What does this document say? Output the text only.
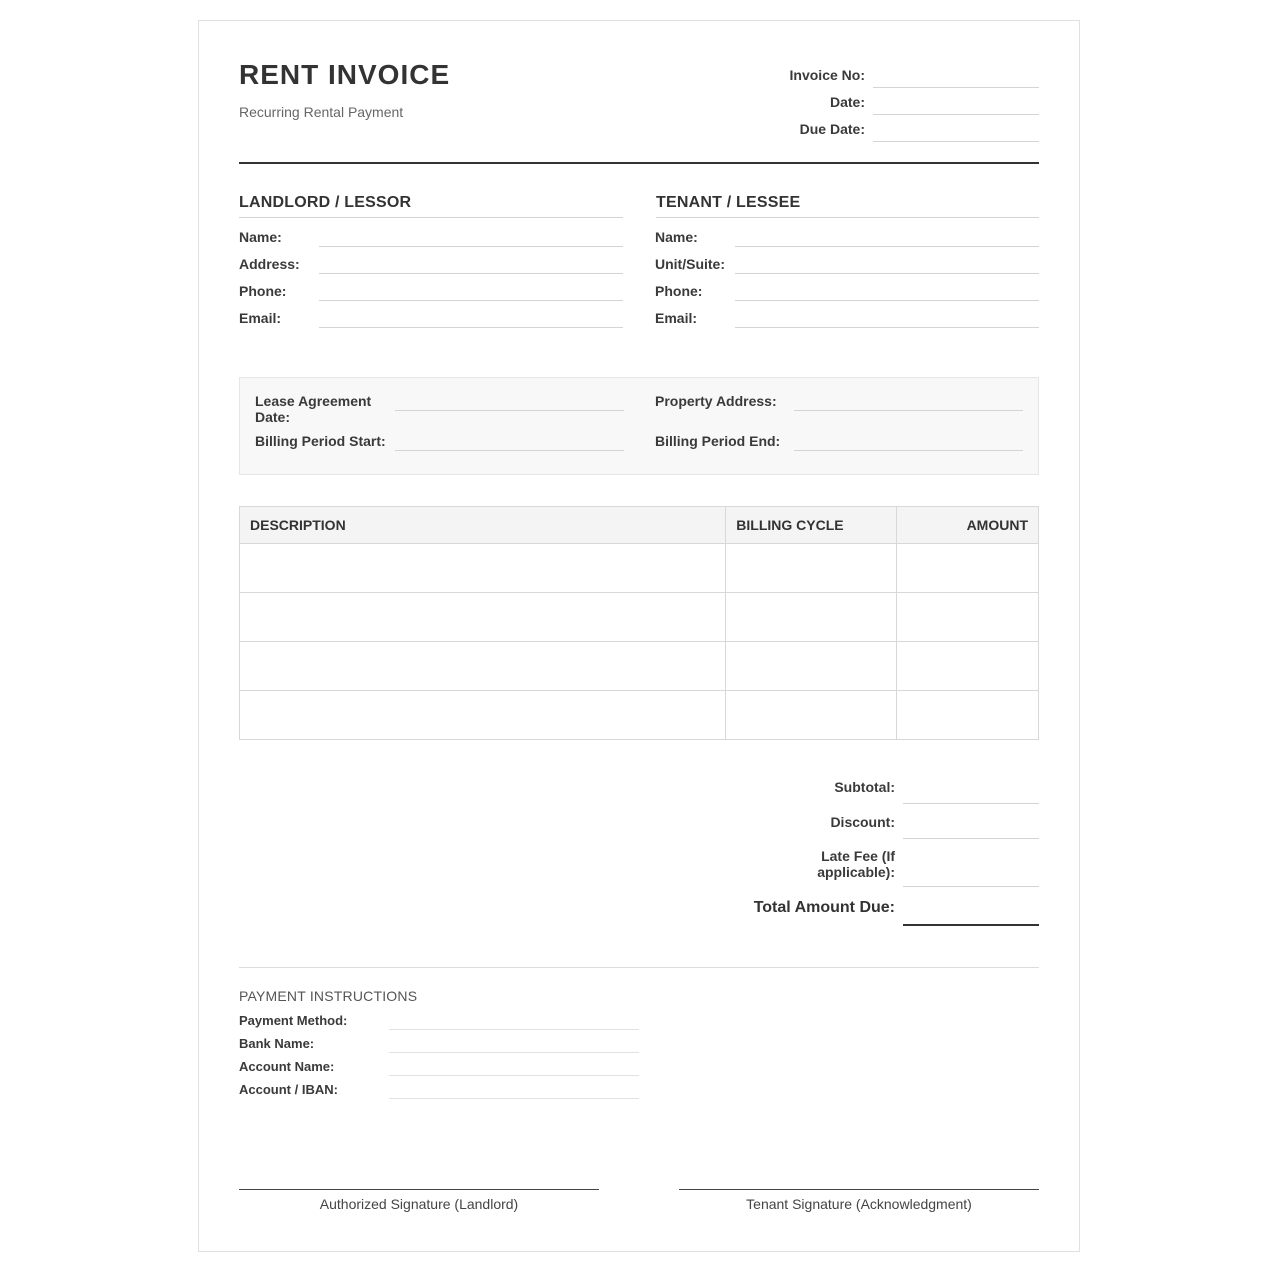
RENT INVOICE
Recurring Rental Payment
Invoice No:
Date:
Due Date:
LANDLORD / LESSOR
Name:
Address:
Phone:
Email:
TENANT / LESSEE
Name:
Unit/Suite:
Phone:
Email:
Lease Agreement Date:
Property Address:
Billing Period Start:	Billing Period End:
DESCRIPTION	BILLING CYCLE	AMOUNT

Subtotal:
Discount:
Late Fee (If applicable):
Total Amount Due:
PAYMENT INSTRUCTIONS
Payment Method:
Bank Name:
Account Name:
Account / IBAN:
Authorized Signature (Landlord)	Tenant Signature (Acknowledgment)
